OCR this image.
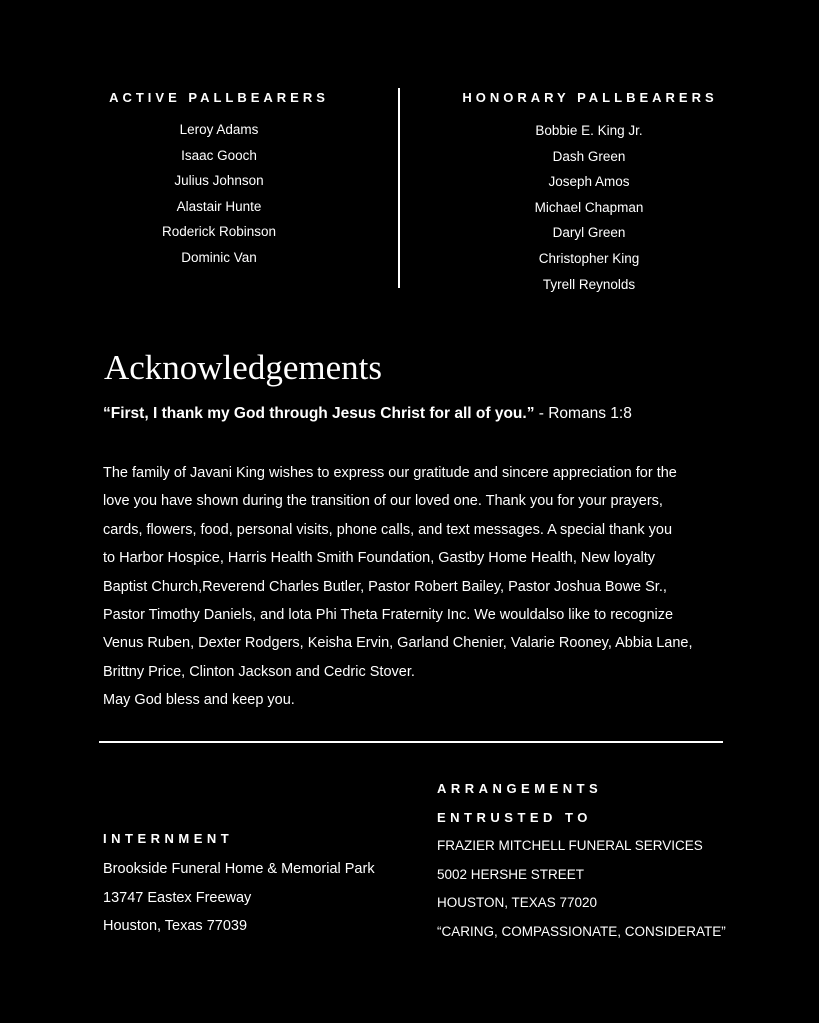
ACTIVE PALLBEARERS
Leroy Adams
Isaac Gooch
Julius Johnson
Alastair Hunte
Roderick Robinson
Dominic Van
HONORARY PALLBEARERS
Bobbie E. King Jr.
Dash Green
Joseph Amos
Michael Chapman
Daryl Green
Christopher King
Tyrell Reynolds
Acknowledgements
“First, I thank my God through Jesus Christ for all of you.” - Romans 1:8

The family of Javani King wishes to express our gratitude and sincere appreciation for the

love you have shown during the transition of our loved one. Thank you for your prayers,

cards, flowers, food, personal visits, phone calls, and text messages. A special thank you

to Harbor Hospice, Harris Health Smith Foundation, Gastby Home Health, New loyalty

Baptist Church,Reverend Charles Butler, Pastor Robert Bailey, Pastor Joshua Bowe Sr.,

Pastor Timothy Daniels, and lota Phi Theta Fraternity Inc. We wouldalso like to recognize

Venus Ruben, Dexter Rodgers, Keisha Ervin, Garland Chenier, Valarie Rooney, Abbia Lane,

Brittny Price, Clinton Jackson and Cedric Stover.

May God bless and keep you.

INTERNMENT
Brookside Funeral Home & Memorial Park
13747 Eastex Freeway
Houston, Texas 77039
ARRANGEMENTS
ENTRUSTED TO
FRAZIER MITCHELL FUNERAL SERVICES
5002 HERSHE STREET
HOUSTON, TEXAS 77020
“CARING, COMPASSIONATE, CONSIDERATE”
